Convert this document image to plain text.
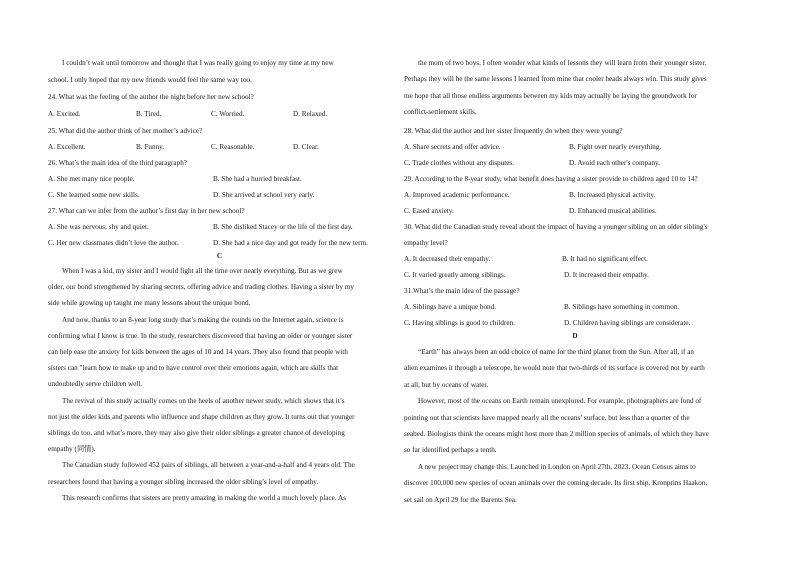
I couldn’t wait until tomorrow and thought that I was really going to enjoy my time at my new
school. I only hoped that my new friends would feel the same way too.
24. What was the feeling of the author the night before her new school?
A. Excited.	B. Tired.	C. Worried.	D. Relaxed.
25. What did the author think of her mother’s advice?
A. Excellent.	B. Funny.	C. Reasonable.	D. Clear.
26. What’s the main idea of the third paragraph?
A. She met many nice people.	B. She had a hurried breakfast.
C. She learned some new skills.	D. She arrived at school very early.
27. What can we infer from the author’s first day in her new school?
A. She was nervous, shy and quiet.	B. She disliked Stacey or the life of the first day.
C. Her new classmates didn’t love the author.	D. She had a nice day and got ready for the new term.
C
When I was a kid, my sister and I would fight all the time over nearly everything. But as we grew
older, our bond strengthened by sharing secrets, offering advice and trading clothes. Having a sister by my
side while growing up taught me many lessons about the unique bond.
And now, thanks to an 8-year long study that’s making the rounds on the Internet again, science is
confirming what I know is true. In the study, researchers discovered that having an older or younger sister
can help ease the anxiety for kids between the ages of 10 and 14 years. They also found that people with
sisters can "learn how to make up and to have control over their emotions again, which are skills that
undoubtedly serve children well.
The revival of this study actually comes on the heels of another newer study, which shows that it’s
not just the older kids and parents who influence and shape children as they grow. It turns out that younger
siblings do too, and what’s more, they may also give their older siblings a greater chance of developing
empathy (同情).
The Canadian study followed 452 pairs of siblings, all between a year-and-a-half and 4 years old. The
researchers found that having a younger sibling increased the older sibling’s level of empathy.
This research confirms that sisters are pretty amazing in making the world a much lovely place. As
the mom of two boys, I often wonder what kinds of lessons they will learn from their younger sister.
Perhaps they will be the same lessons I learned from mine that cooler heads always win. This study gives
me hope that all those endless arguments between my kids may actually be laying the groundwork for
conflict-settlement skills.
28. What did the author and her sister frequently do when they were young?
A. Share secrets and offer advice.	B. Fight over nearly everything.
C. Trade clothes without any disputes.	D. Avoid each other's company.
29. According to the 8-year study, what benefit does having a sister provide to children aged 10 to 14?
A. Improved academic performance.	B. Increased physical activity.
C. Eased anxiety.	D. Enhanced musical abilities.
30. What did the Canadian study reveal about the impact of having a younger sibling on an older sibling's
empathy level?
A. It decreased their empathy.	B. It had no significant effect.
C. It varied greatly among siblings.	D. It increased their empathy.
31.What’s the main idea of the passage?
A. Siblings have a unique bond.	B. Siblings have something in common.
C. Having siblings is good to children.	D. Children having siblings are considerate.
D
“Earth” has always been an odd choice of name for the third planet from the Sun. After all, if an
alien examines it through a telescope, he would note that two-thirds of its surface is covered not by earth
at all, but by oceans of water.
However, most of the oceans on Earth remain unexplored. For example, photographers are fond of
pointing out that scientists have mapped nearly all the oceans’ surface, but less than a quarter of the
seabed. Biologists think the oceans might host more than 2 million species of animals, of which they have
so far identified perhaps a tenth.
A new project may change this. Launched in London on April 27th, 2023, Ocean Census aims to
discover 100,000 new species of ocean animals over the coming decade. Its first ship, Kronprins Haakon,
set sail on April 29 for the Barents Sea.
